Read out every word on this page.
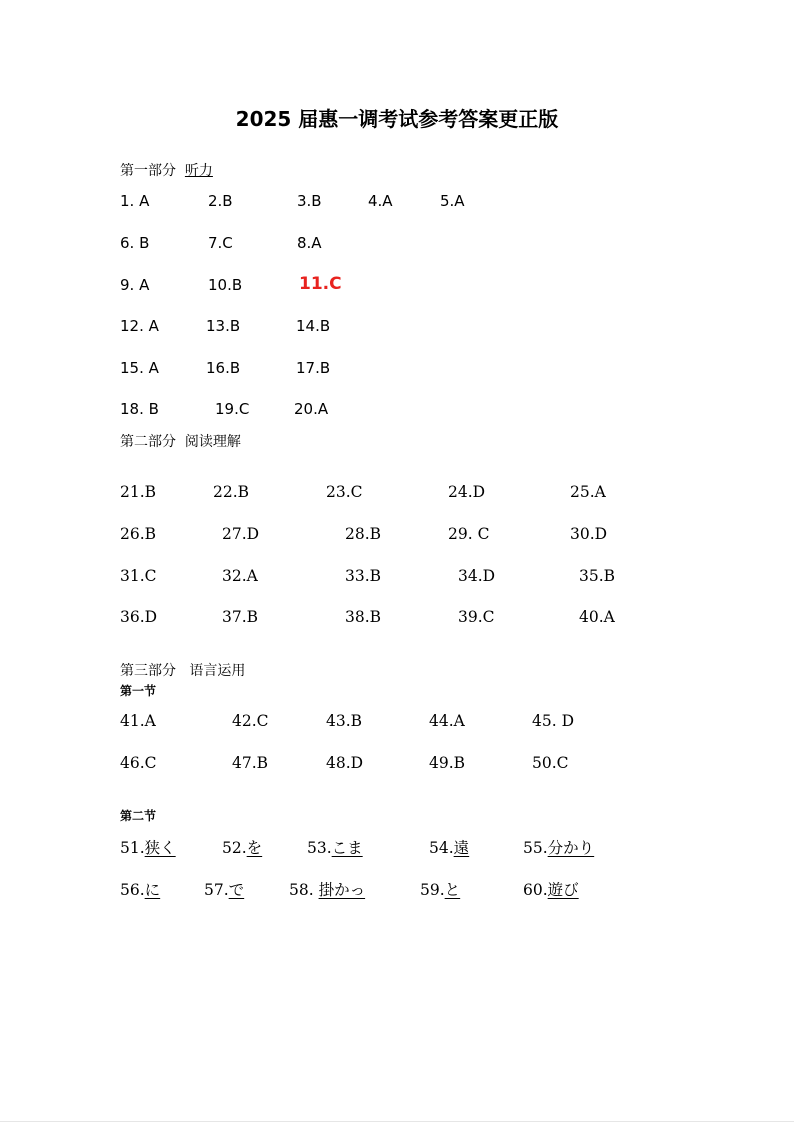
2025 届惠一调考试参考答案更正版
第一部分 听力
1. A	2.B	3.B	4.A	5.A
6. B	7.C	8.A
9. A	10.B	11.C
12. A	13.B	14.B
15. A	16.B	17.B
18. B	19.C	20.A
第二部分 阅读理解
21.B	22.B	23.C	24.D	25.A
26.B	27.D	28.B	29. C	30.D
31.C	32.A	33.B	34.D	35.B
36.D	37.B	38.B	39.C	40.A
第三部分 语言运用
第一节
41.A	42.C	43.B	44.A	45. D
46.C	47.B	48.D	49.B	50.C
第二节
51.狭く	52.を	53.こま	54.遠	55.分かり
56.に	57.で	58. 掛かっ	59.と	60.遊び
